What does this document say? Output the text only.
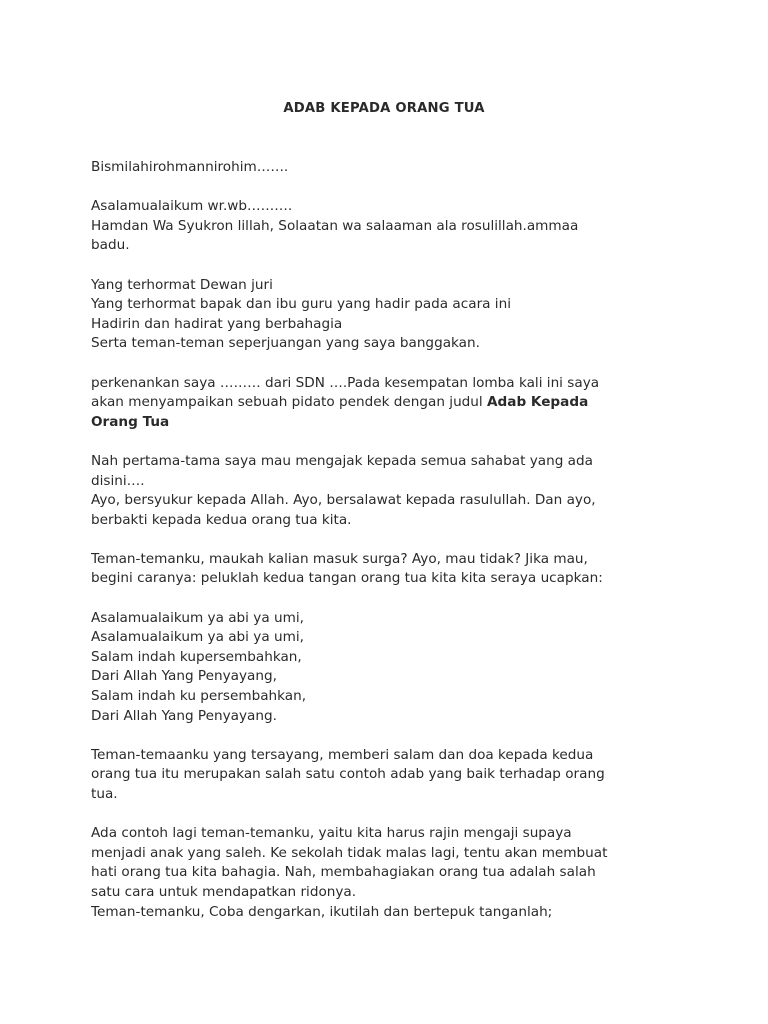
ADAB KEPADA ORANG TUA
Bismilahirohmannirohim…….
Asalamualaikum wr.wb……….
Hamdan Wa Syukron lillah, Solaatan wa salaaman ala rosulillah.ammaa
badu.
Yang terhormat Dewan juri
Yang terhormat bapak dan ibu guru yang hadir pada acara ini
Hadirin dan hadirat yang berbahagia
Serta teman-teman seperjuangan yang saya banggakan.
perkenankan saya ……… dari SDN ….Pada kesempatan lomba kali ini saya
akan menyampaikan sebuah pidato pendek dengan judul Adab Kepada
Orang Tua
Nah pertama-tama saya mau mengajak kepada semua sahabat yang ada
disini….
Ayo, bersyukur kepada Allah. Ayo, bersalawat kepada rasulullah. Dan ayo,
berbakti kepada kedua orang tua kita.
Teman-temanku, maukah kalian masuk surga? Ayo, mau tidak? Jika mau,
begini caranya: peluklah kedua tangan orang tua kita kita seraya ucapkan:
Asalamualaikum ya abi ya umi,
Asalamualaikum ya abi ya umi,
Salam indah kupersembahkan,
Dari Allah Yang Penyayang,
Salam indah ku persembahkan,
Dari Allah Yang Penyayang.
Teman-temaanku yang tersayang, memberi salam dan doa kepada kedua
orang tua itu merupakan salah satu contoh adab yang baik terhadap orang
tua.
Ada contoh lagi teman-temanku, yaitu kita harus rajin mengaji supaya
menjadi anak yang saleh. Ke sekolah tidak malas lagi, tentu akan membuat
hati orang tua kita bahagia. Nah, membahagiakan orang tua adalah salah
satu cara untuk mendapatkan ridonya.
Teman-temanku, Coba dengarkan, ikutilah dan bertepuk tanganlah;
